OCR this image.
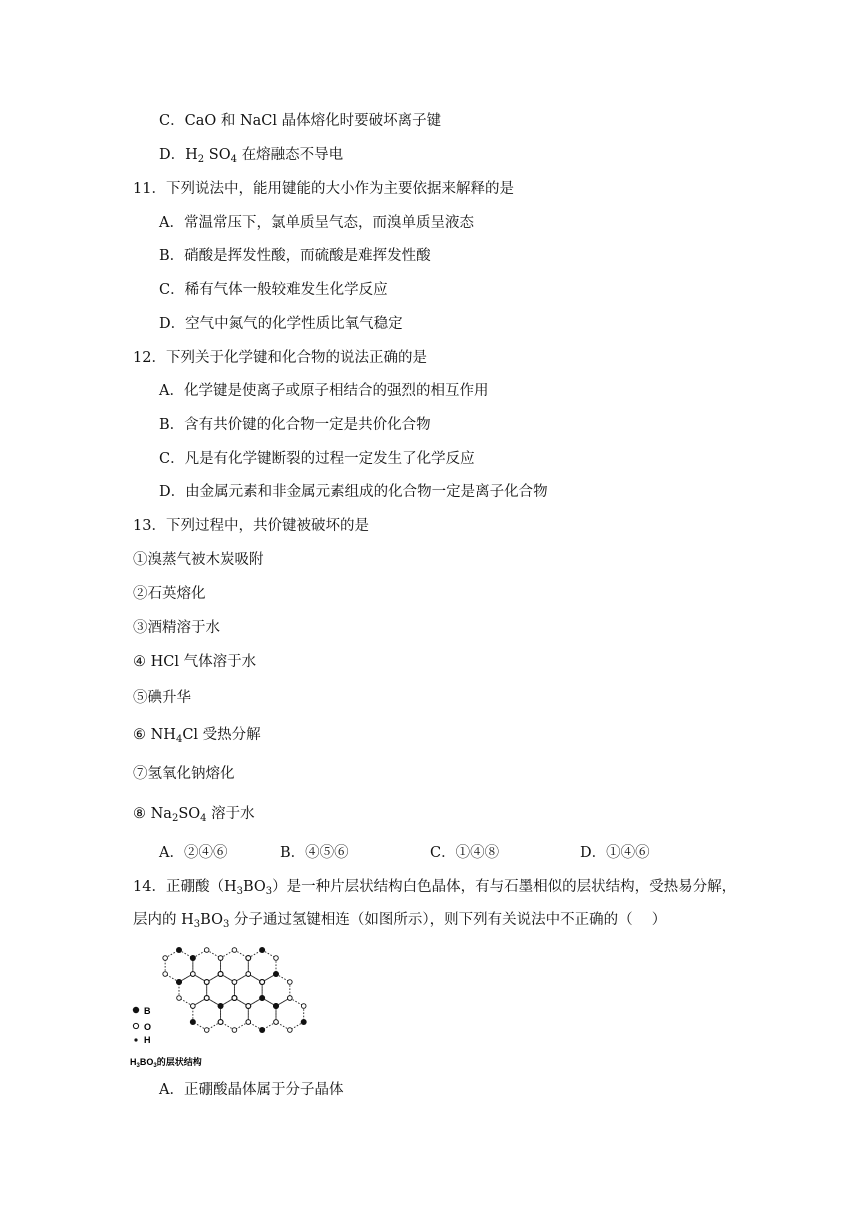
C．CaO 和 NaCl 晶体熔化时要破坏离子键
D．$H_2$ $SO_4$ 在熔融态不导电
11．下列说法中，能用键能的大小作为主要依据来解释的是
A．常温常压下，氯单质呈气态，而溴单质呈液态
B．硝酸是挥发性酸，而硫酸是难挥发性酸
C．稀有气体一般较难发生化学反应
D．空气中氮气的化学性质比氧气稳定
12．下列关于化学键和化合物的说法正确的是
A．化学键是使离子或原子相结合的强烈的相互作用
B．含有共价键的化合物一定是共价化合物
C．凡是有化学键断裂的过程一定发生了化学反应
D．由金属元素和非金属元素组成的化合物一定是离子化合物
13．下列过程中，共价键被破坏的是
①溴蒸气被木炭吸附
②石英熔化
③酒精溶于水
④ HCl 气体溶于水
⑤碘升华
⑥ $NH_4Cl$ 受热分解
⑦氢氧化钠熔化
⑧ $Na_2SO_4$ 溶于水
A．②④⑥	B．④⑤⑥	C．①④⑧	D．①④⑥
14．正硼酸$(H_3BO_3)$是一种片层状结构白色晶体，有与石墨相似的层状结构，受热易分解，
层内的 $H_3BO_3$ 分子通过氢键相连（如图所示），则下列有关说法中不正确的（　 ）
B
O
H
$H_3BO_3$的层状结构
A．正硼酸晶体属于分子晶体
